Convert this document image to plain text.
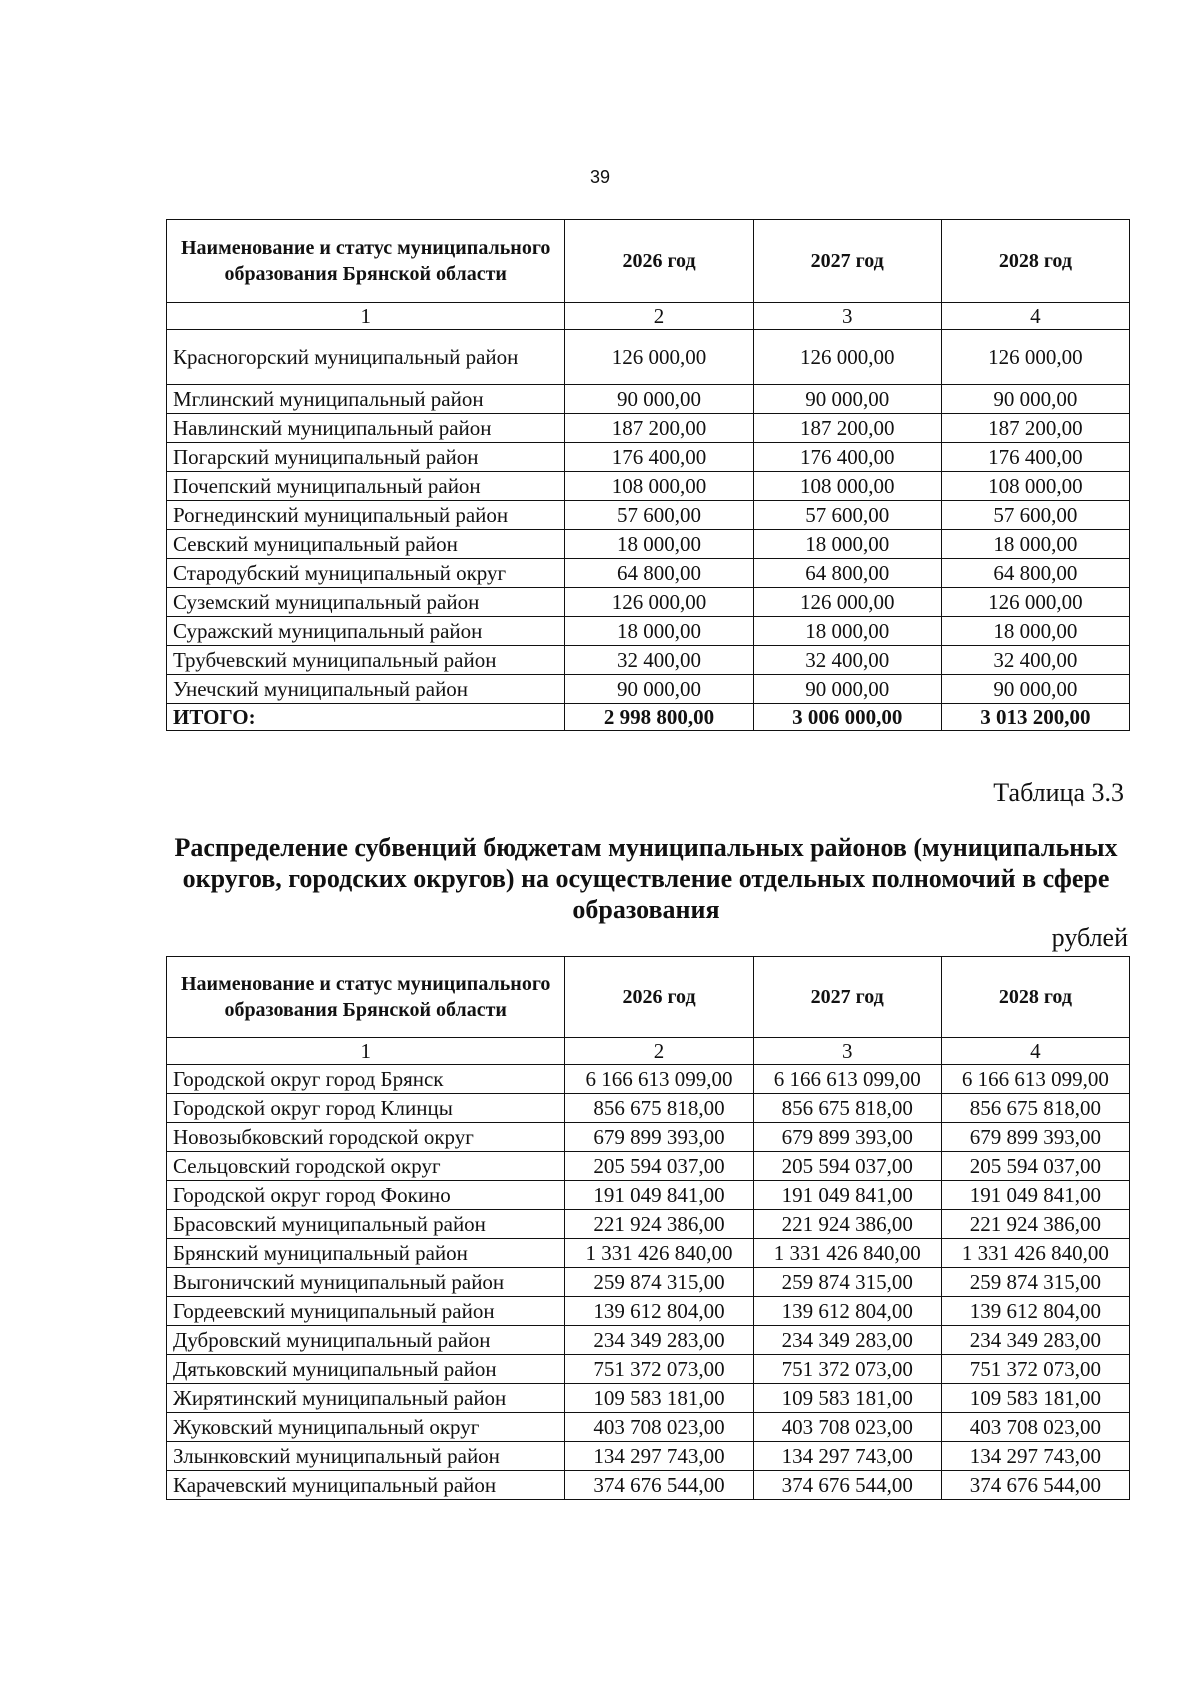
39
Наименование и статус муниципального образования Брянской области	2026 год	2027 год	2028 год
1	2	3	4
Красногорский муниципальный район	126 000,00	126 000,00	126 000,00
Мглинский муниципальный район	90 000,00	90 000,00	90 000,00
Навлинский муниципальный район	187 200,00	187 200,00	187 200,00
Погарский муниципальный район	176 400,00	176 400,00	176 400,00
Почепский муниципальный район	108 000,00	108 000,00	108 000,00
Рогнединский муниципальный район	57 600,00	57 600,00	57 600,00
Севский муниципальный район	18 000,00	18 000,00	18 000,00
Стародубский муниципальный округ	64 800,00	64 800,00	64 800,00
Суземский муниципальный район	126 000,00	126 000,00	126 000,00
Суражский муниципальный район	18 000,00	18 000,00	18 000,00
Трубчевский муниципальный район	32 400,00	32 400,00	32 400,00
Унечский муниципальный район	90 000,00	90 000,00	90 000,00
ИТОГО:	2 998 800,00	3 006 000,00	3 013 200,00
Таблица 3.3
Распределение субвенций бюджетам муниципальных районов (муниципальных округов, городских округов) на осуществление отдельных полномочий в сфере образования
рублей
Наименование и статус муниципального образования Брянской области	2026 год	2027 год	2028 год
1	2	3	4
Городской округ город Брянск	6 166 613 099,00	6 166 613 099,00	6 166 613 099,00
Городской округ город Клинцы	856 675 818,00	856 675 818,00	856 675 818,00
Новозыбковский городской округ	679 899 393,00	679 899 393,00	679 899 393,00
Сельцовский городской округ	205 594 037,00	205 594 037,00	205 594 037,00
Городской округ город Фокино	191 049 841,00	191 049 841,00	191 049 841,00
Брасовский муниципальный район	221 924 386,00	221 924 386,00	221 924 386,00
Брянский муниципальный район	1 331 426 840,00	1 331 426 840,00	1 331 426 840,00
Выгоничский муниципальный район	259 874 315,00	259 874 315,00	259 874 315,00
Гордеевский муниципальный район	139 612 804,00	139 612 804,00	139 612 804,00
Дубровский муниципальный район	234 349 283,00	234 349 283,00	234 349 283,00
Дятьковский муниципальный район	751 372 073,00	751 372 073,00	751 372 073,00
Жирятинский муниципальный район	109 583 181,00	109 583 181,00	109 583 181,00
Жуковский муниципальный округ	403 708 023,00	403 708 023,00	403 708 023,00
Злынковский муниципальный район	134 297 743,00	134 297 743,00	134 297 743,00
Карачевский муниципальный район	374 676 544,00	374 676 544,00	374 676 544,00
